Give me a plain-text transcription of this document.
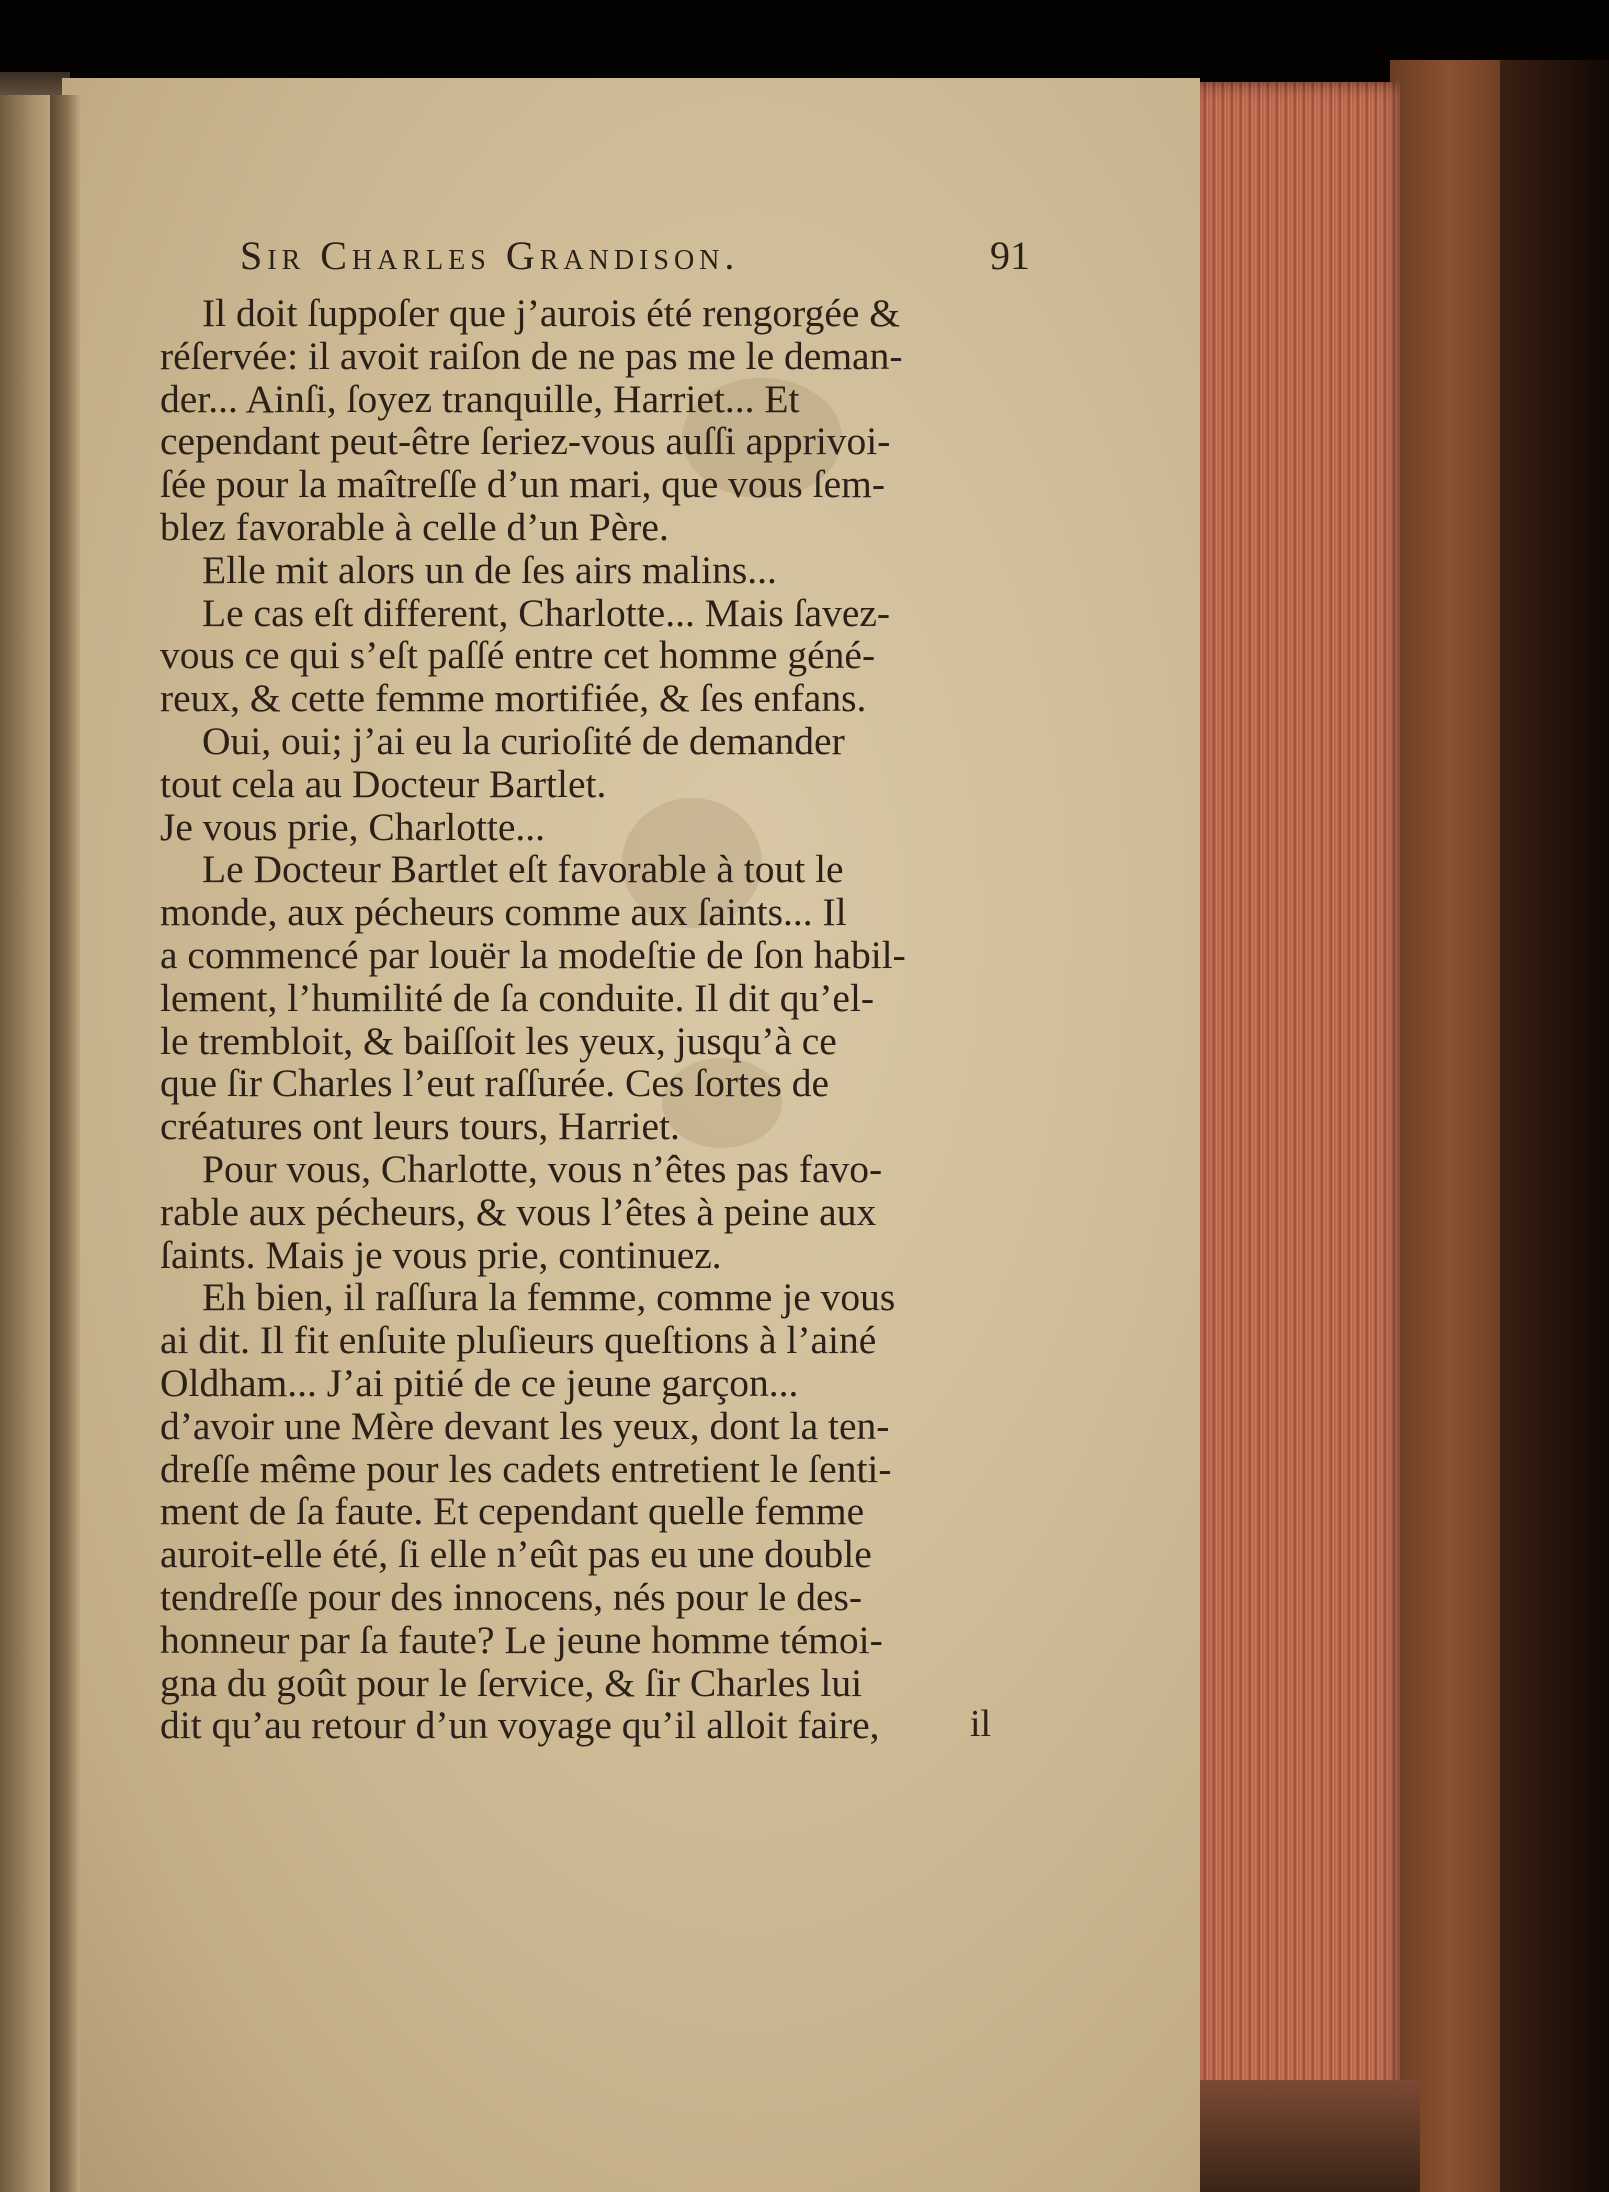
Sir Charles Grandison.	91
Il doit ſuppoſer que j’aurois été rengorgée &
réſervée: il avoit raiſon de ne pas me le deman-
der... Ainſi, ſoyez tranquille, Harriet... Et
cependant peut-être ſeriez-vous auſſi apprivoi-
ſée pour la maîtreſſe d’un mari, que vous ſem-
blez favorable à celle d’un Père.
Elle mit alors un de ſes airs malins...
Le cas eſt different, Charlotte... Mais ſavez-
vous ce qui s’eſt paſſé entre cet homme géné-
reux, & cette femme mortifiée, & ſes enfans.
Oui, oui; j’ai eu la curioſité de demander
tout cela au Docteur Bartlet.
Je vous prie, Charlotte...
Le Docteur Bartlet eſt favorable à tout le
monde, aux pécheurs comme aux ſaints... Il
a commencé par louër la modeſtie de ſon habil-
lement, l’humilité de ſa conduite. Il dit qu’el-
le trembloit, & baiſſoit les yeux, jusqu’à ce
que ſir Charles l’eut raſſurée. Ces ſortes de
créatures ont leurs tours, Harriet.
Pour vous, Charlotte, vous n’êtes pas favo-
rable aux pécheurs, & vous l’êtes à peine aux
ſaints. Mais je vous prie, continuez.
Eh bien, il raſſura la femme, comme je vous
ai dit. Il fit enſuite pluſieurs queſtions à l’ainé
Oldham... J’ai pitié de ce jeune garçon...
d’avoir une Mère devant les yeux, dont la ten-
dreſſe même pour les cadets entretient le ſenti-
ment de ſa faute. Et cependant quelle femme
auroit-elle été, ſi elle n’eût pas eu une double
tendreſſe pour des innocens, nés pour le des-
honneur par ſa faute? Le jeune homme témoi-
gna du goût pour le ſervice, & ſir Charles lui
dit qu’au retour d’un voyage qu’il alloit faire,	il
